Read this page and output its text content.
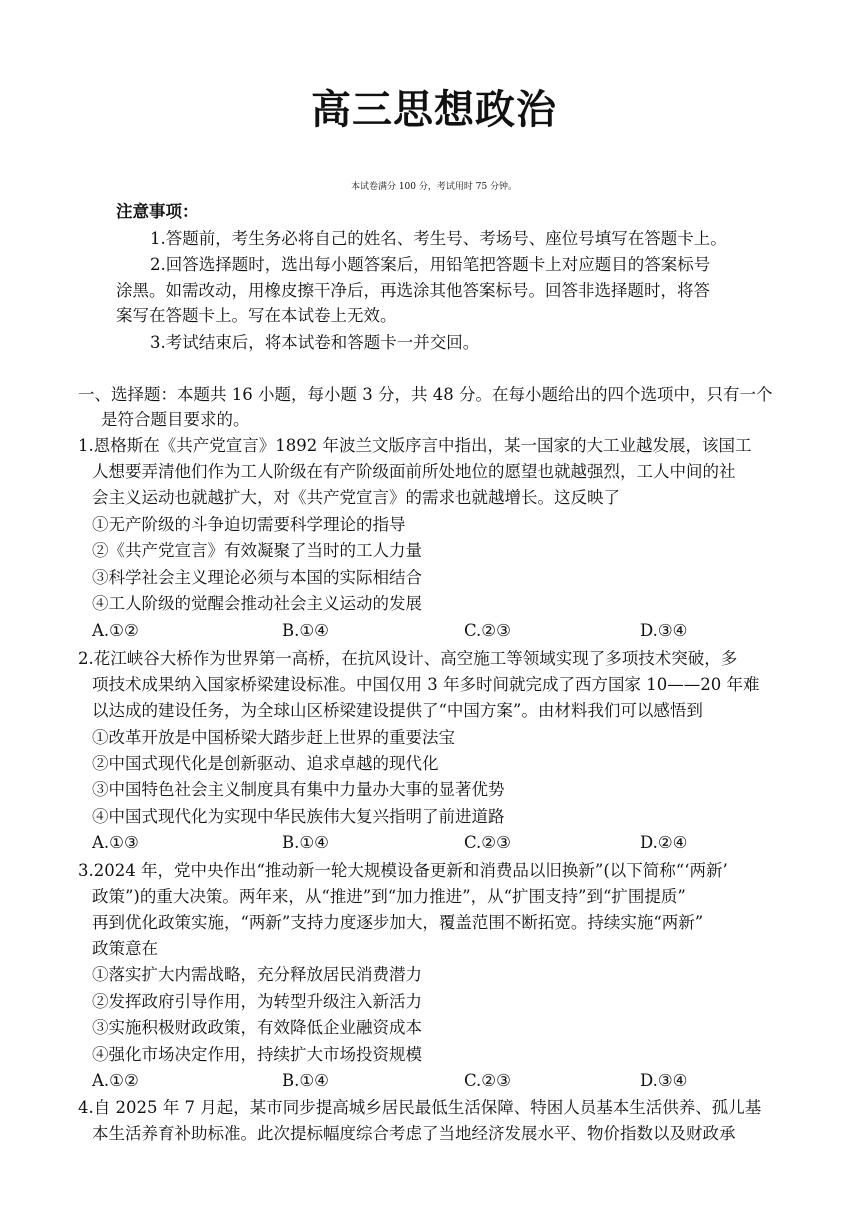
高三思想政治
本试卷满分 100 分，考试用时 75 分钟。
注意事项：
1.答题前，考生务必将自己的姓名、考生号、考场号、座位号填写在答题卡上。
2.回答选择题时，选出每小题答案后，用铅笔把答题卡上对应题目的答案标号
涂黑。如需改动，用橡皮擦干净后，再选涂其他答案标号。回答非选择题时，将答
案写在答题卡上。写在本试卷上无效。
3.考试结束后，将本试卷和答题卡一并交回。
一、选择题：本题共 16 小题，每小题 3 分，共 48 分。在每小题给出的四个选项中，只有一个
是符合题目要求的。
1.恩格斯在《共产党宣言》1892 年波兰文版序言中指出，某一国家的大工业越发展，该国工
人想要弄清他们作为工人阶级在有产阶级面前所处地位的愿望也就越强烈，工人中间的社
会主义运动也就越扩大，对《共产党宣言》的需求也就越增长。这反映了
①无产阶级的斗争迫切需要科学理论的指导
②《共产党宣言》有效凝聚了当时的工人力量
③科学社会主义理论必须与本国的实际相结合
④工人阶级的觉醒会推动社会主义运动的发展
A.①②	B.①④	C.②③	D.③④
2.花江峡谷大桥作为世界第一高桥，在抗风设计、高空施工等领域实现了多项技术突破，多
项技术成果纳入国家桥梁建设标准。中国仅用 3 年多时间就完成了西方国家 10——20 年难
以达成的建设任务，为全球山区桥梁建设提供了“中国方案”。由材料我们可以感悟到
①改革开放是中国桥梁大踏步赶上世界的重要法宝
②中国式现代化是创新驱动、追求卓越的现代化
③中国特色社会主义制度具有集中力量办大事的显著优势
④中国式现代化为实现中华民族伟大复兴指明了前进道路
A.①③	B.①④	C.②③	D.②④
3.2024 年，党中央作出“推动新一轮大规模设备更新和消费品以旧换新”(以下简称“‘两新’
政策”)的重大决策。两年来，从“推进”到“加力推进”，从“扩围支持”到“扩围提质”
再到优化政策实施，“两新”支持力度逐步加大，覆盖范围不断拓宽。持续实施“两新”
政策意在
①落实扩大内需战略，充分释放居民消费潜力
②发挥政府引导作用，为转型升级注入新活力
③实施积极财政政策，有效降低企业融资成本
④强化市场决定作用，持续扩大市场投资规模
A.①②	B.①④	C.②③	D.③④
4.自 2025 年 7 月起，某市同步提高城乡居民最低生活保障、特困人员基本生活供养、孤儿基
本生活养育补助标准。此次提标幅度综合考虑了当地经济发展水平、物价指数以及财政承
